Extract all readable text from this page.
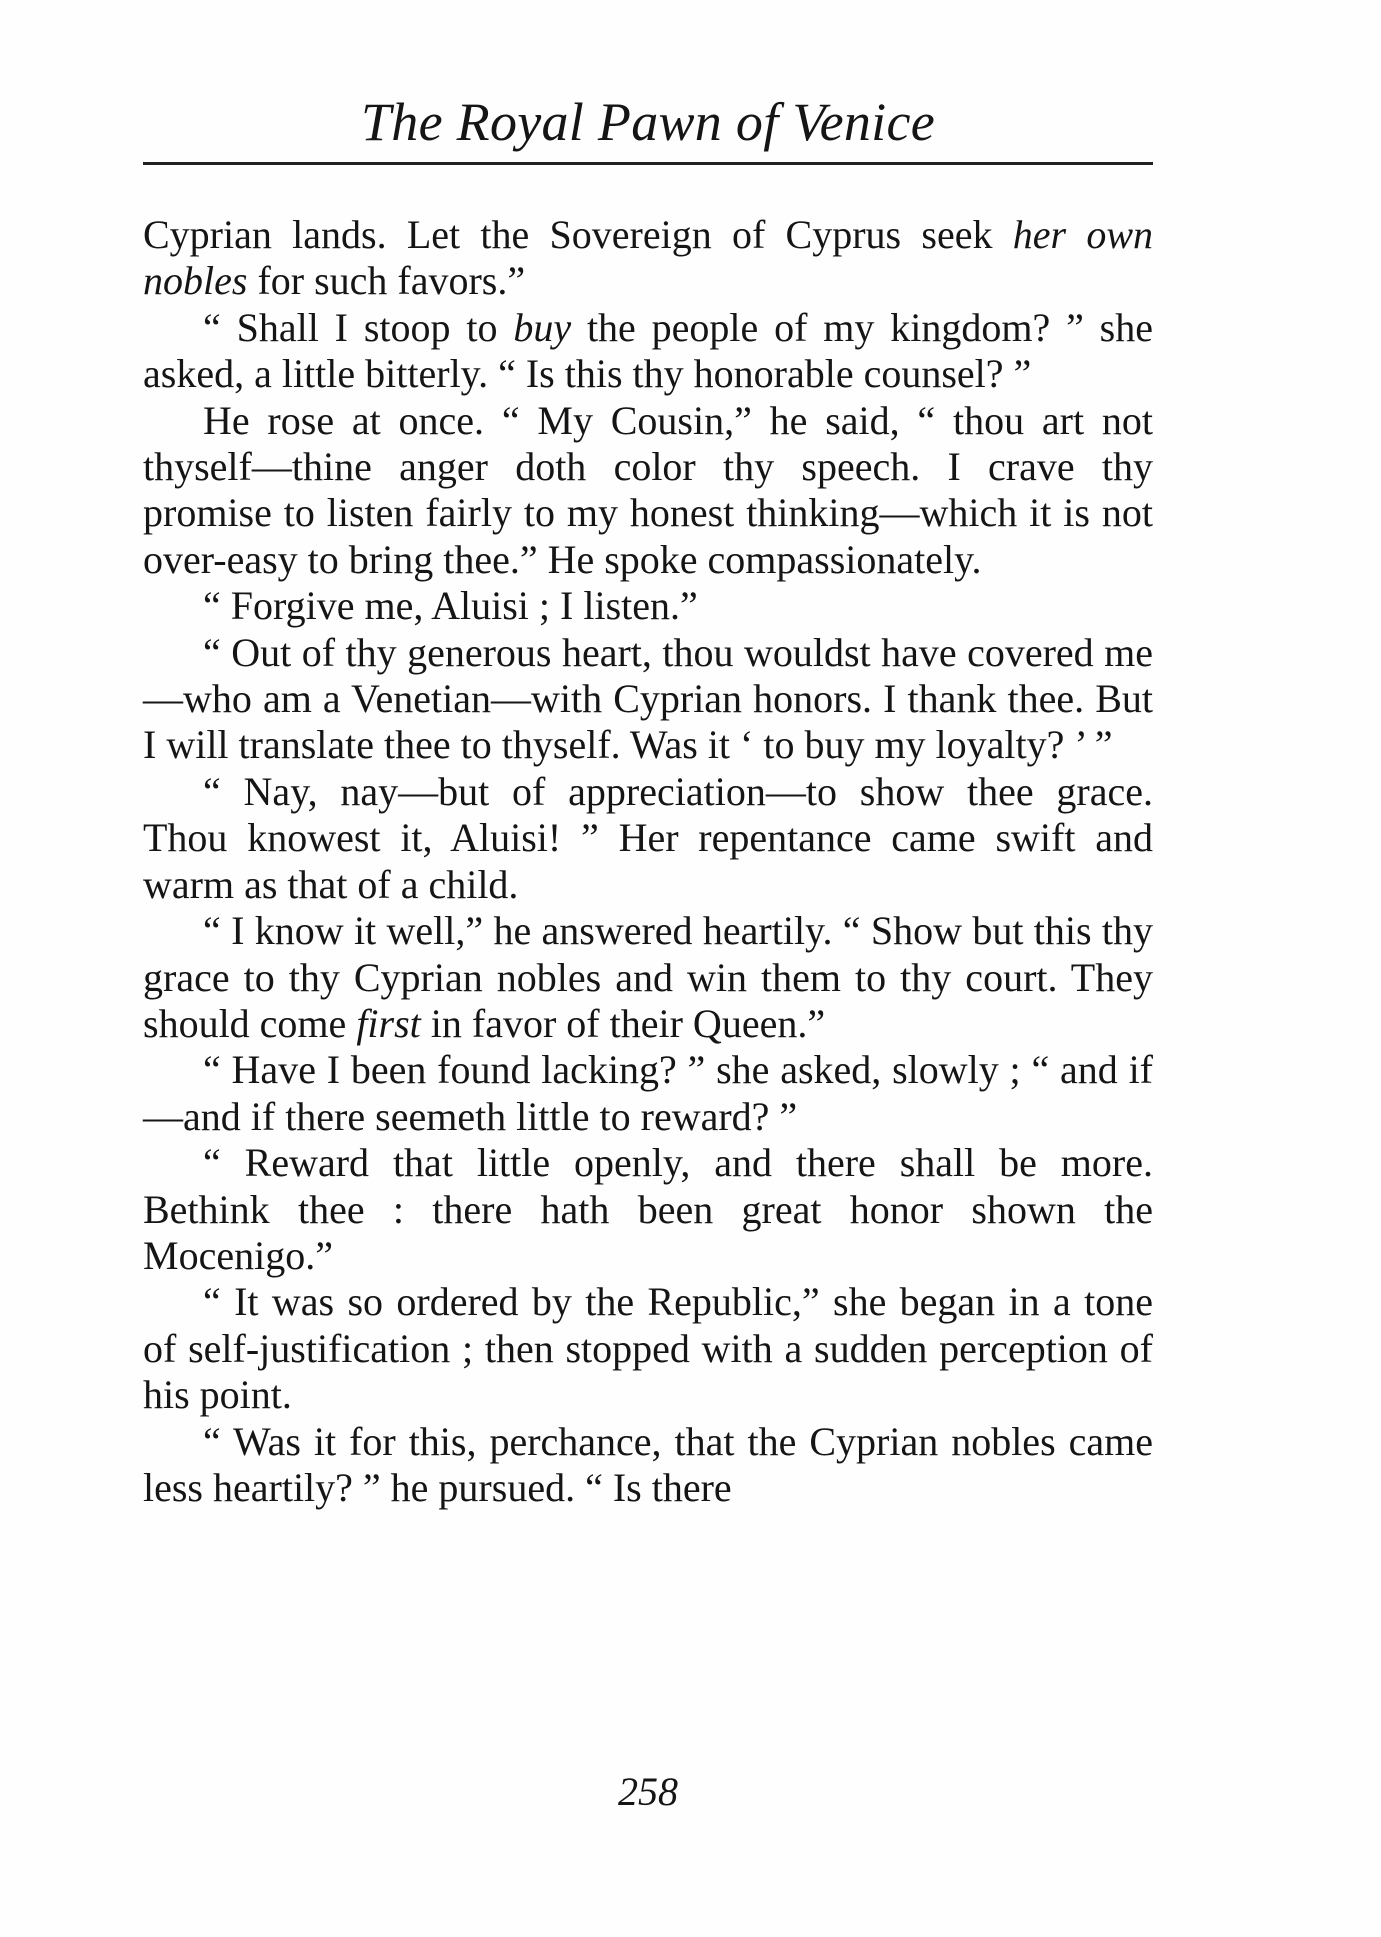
The Royal Pawn of Venice

Cyprian lands. Let the Sovereign of Cyprus seek her own nobles for such favors.”

“ Shall I stoop to buy the people of my kingdom? ” she asked, a little bitterly. “ Is this thy honorable counsel? ”

He rose at once. “ My Cousin,” he said, “ thou art not thyself—thine anger doth color thy speech. I crave thy promise to listen fairly to my honest thinking—which it is not over-easy to bring thee.” He spoke compassionately.

“ Forgive me, Aluisi ; I listen.”

“ Out of thy generous heart, thou wouldst have covered me—who am a Venetian—with Cyprian honors. I thank thee. But I will translate thee to thyself. Was it ‘ to buy my loyalty? ’ ”

“ Nay, nay—but of appreciation—to show thee grace. Thou knowest it, Aluisi! ” Her repentance came swift and warm as that of a child.

“ I know it well,” he answered heartily. “ Show but this thy grace to thy Cyprian nobles and win them to thy court. They should come first in favor of their Queen.”

“ Have I been found lacking? ” she asked, slowly ; “ and if—and if there seemeth little to reward? ”

“ Reward that little openly, and there shall be more. Bethink thee : there hath been great honor shown the Mocenigo.”

“ It was so ordered by the Republic,” she began in a tone of self-justification ; then stopped with a sudden perception of his point.

“ Was it for this, perchance, that the Cyprian nobles came less heartily? ” he pursued. “ Is there

258
